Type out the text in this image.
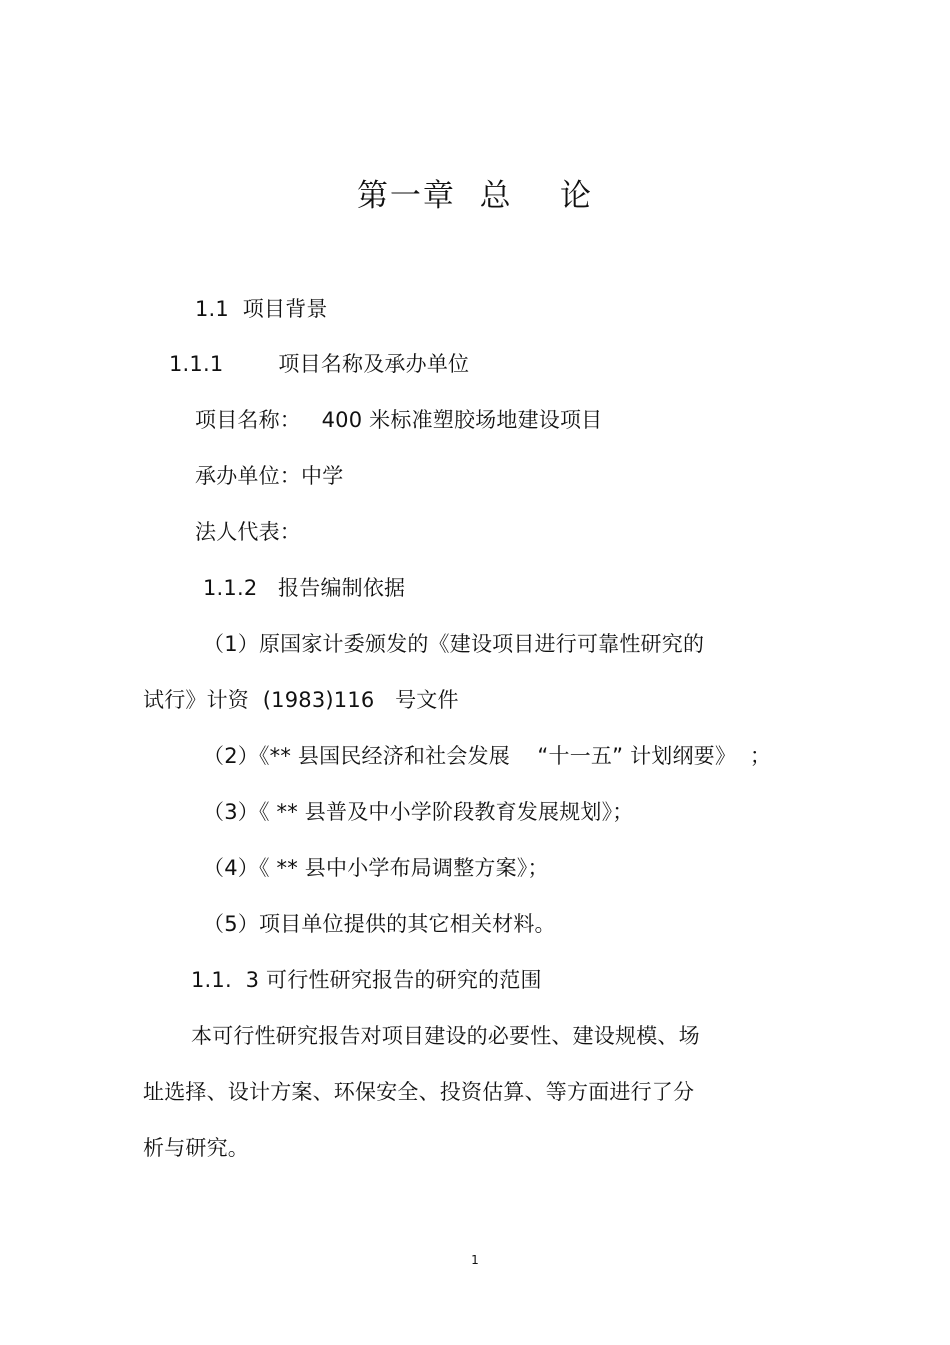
第一章  总    论
1.1  项目背景
1.1.1        项目名称及承办单位
项目名称：   400 米标准塑胶场地建设项目
承办单位：中学
法人代表：
1.1.2   报告编制依据
（1）原国家计委颁发的《建设项目进行可靠性研究的
试行》计资  (1983)116   号文件
（2）《** 县国民经济和社会发展    “十一五” 计划纲要》  ；
（3）《 ** 县普及中小学阶段教育发展规划》；
（4）《 ** 县中小学布局调整方案》；
（5）项目单位提供的其它相关材料。
1.1.  3 可行性研究报告的研究的范围
本可行性研究报告对项目建设的必要性、建设规模、场
址选择、设计方案、环保安全、投资估算、等方面进行了分
析与研究。
1
